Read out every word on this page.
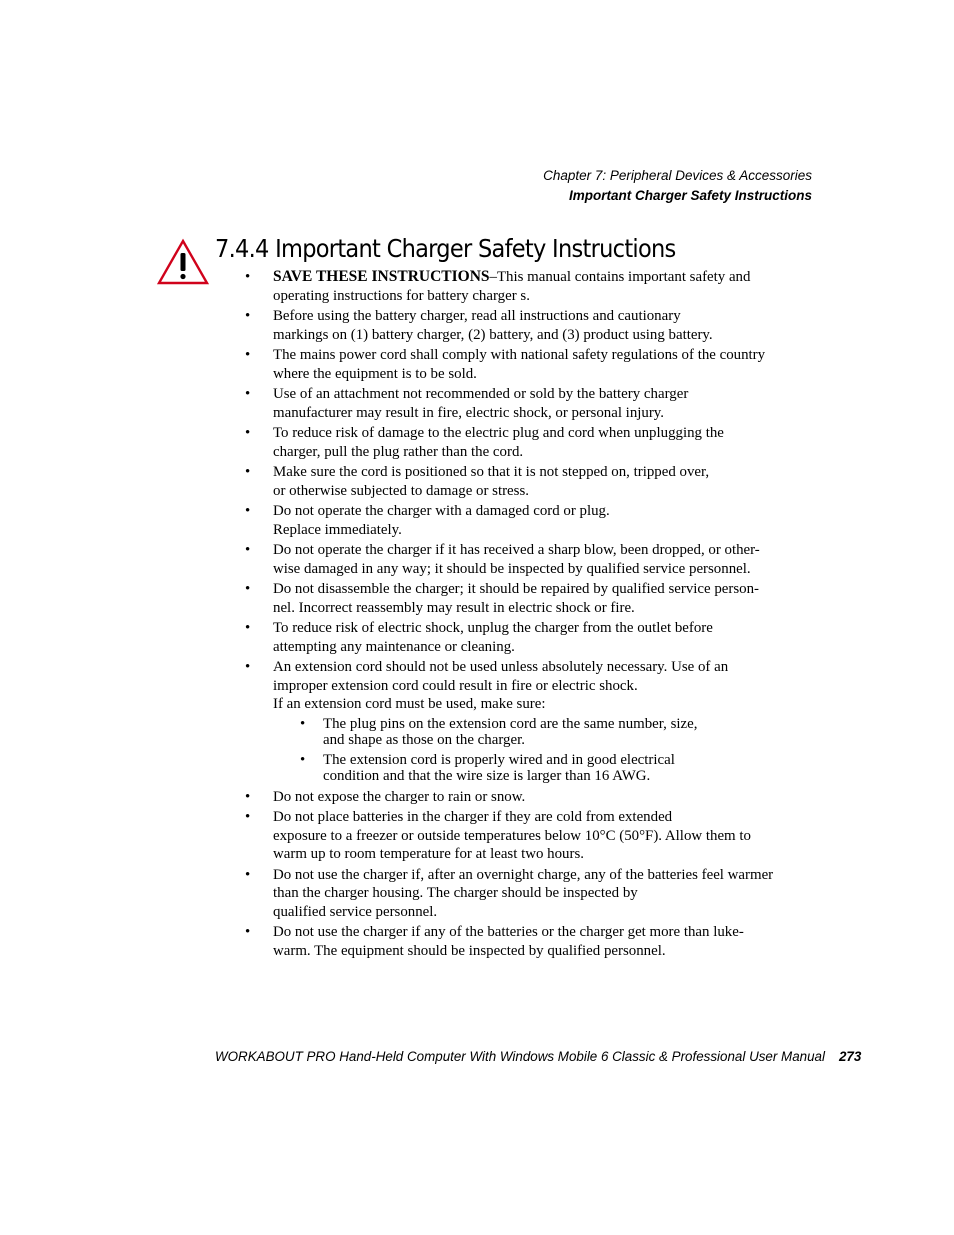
Chapter 7: Peripheral Devices & Accessories
Important Charger Safety Instructions
7.4.4 Important Charger Safety Instructions
• SAVE THESE INSTRUCTIONS–This manual contains important safety and
operating instructions for battery charger s.
• Before using the battery charger, read all instructions and cautionary
markings on (1) battery charger, (2) battery, and (3) product using battery.
• The mains power cord shall comply with national safety regulations of the country
where the equipment is to be sold.
• Use of an attachment not recommended or sold by the battery charger
manufacturer may result in fire, electric shock, or personal injury.
• To reduce risk of damage to the electric plug and cord when unplugging the
charger, pull the plug rather than the cord.
• Make sure the cord is positioned so that it is not stepped on, tripped over,
or otherwise subjected to damage or stress.
• Do not operate the charger with a damaged cord or plug.
Replace immediately.
• Do not operate the charger if it has received a sharp blow, been dropped, or other-
wise damaged in any way; it should be inspected by qualified service personnel.
• Do not disassemble the charger; it should be repaired by qualified service person-
nel. Incorrect reassembly may result in electric shock or fire.
• To reduce risk of electric shock, unplug the charger from the outlet before
attempting any maintenance or cleaning.
• An extension cord should not be used unless absolutely necessary. Use of an
improper extension cord could result in fire or electric shock.
If an extension cord must be used, make sure:
• The plug pins on the extension cord are the same number, size,
and shape as those on the charger.
• The extension cord is properly wired and in good electrical
condition and that the wire size is larger than 16 AWG.
• Do not expose the charger to rain or snow.
• Do not place batteries in the charger if they are cold from extended
exposure to a freezer or outside temperatures below 10°C (50°F). Allow them to
warm up to room temperature for at least two hours.
• Do not use the charger if, after an overnight charge, any of the batteries feel warmer
than the charger housing. The charger should be inspected by
qualified service personnel.
• Do not use the charger if any of the batteries or the charger get more than luke-
warm. The equipment should be inspected by qualified personnel.
WORKABOUT PRO Hand-Held Computer With Windows Mobile 6 Classic & Professional User Manual 273
